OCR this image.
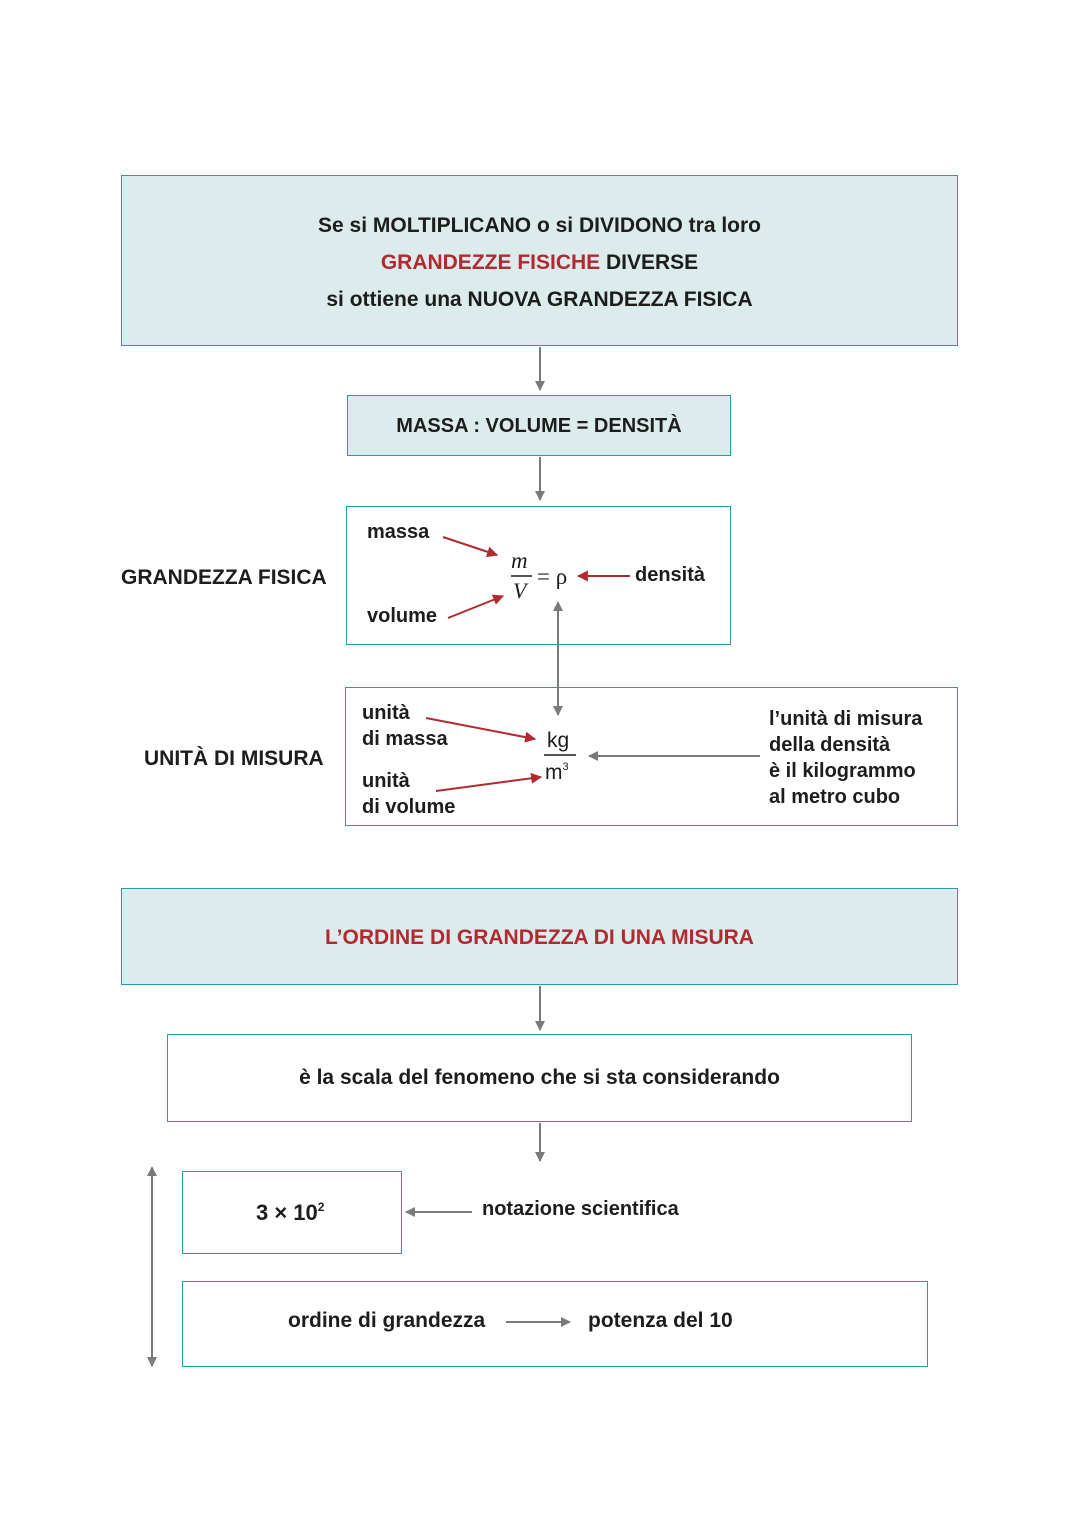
Se si MOLTIPLICANO o si DIVIDONO tra loro
GRANDEZZE FISICHE DIVERSE
si ottiene una NUOVA GRANDEZZA FISICA
MASSA : VOLUME = DENSITÀ
GRANDEZZA FISICA
massa
volume
m
V
= ρ	densità
UNITÀ DI MISURA
unità
di massa
unità
di volume
kg
$m^3$
l’unità di misura
della densità
è il kilogrammo
al metro cubo
L’ORDINE DI GRANDEZZA DI UNA MISURA
è la scala del fenomeno che si sta considerando
$3 \times 10^2$	notazione scientifica
ordine di grandezza	potenza del 10
